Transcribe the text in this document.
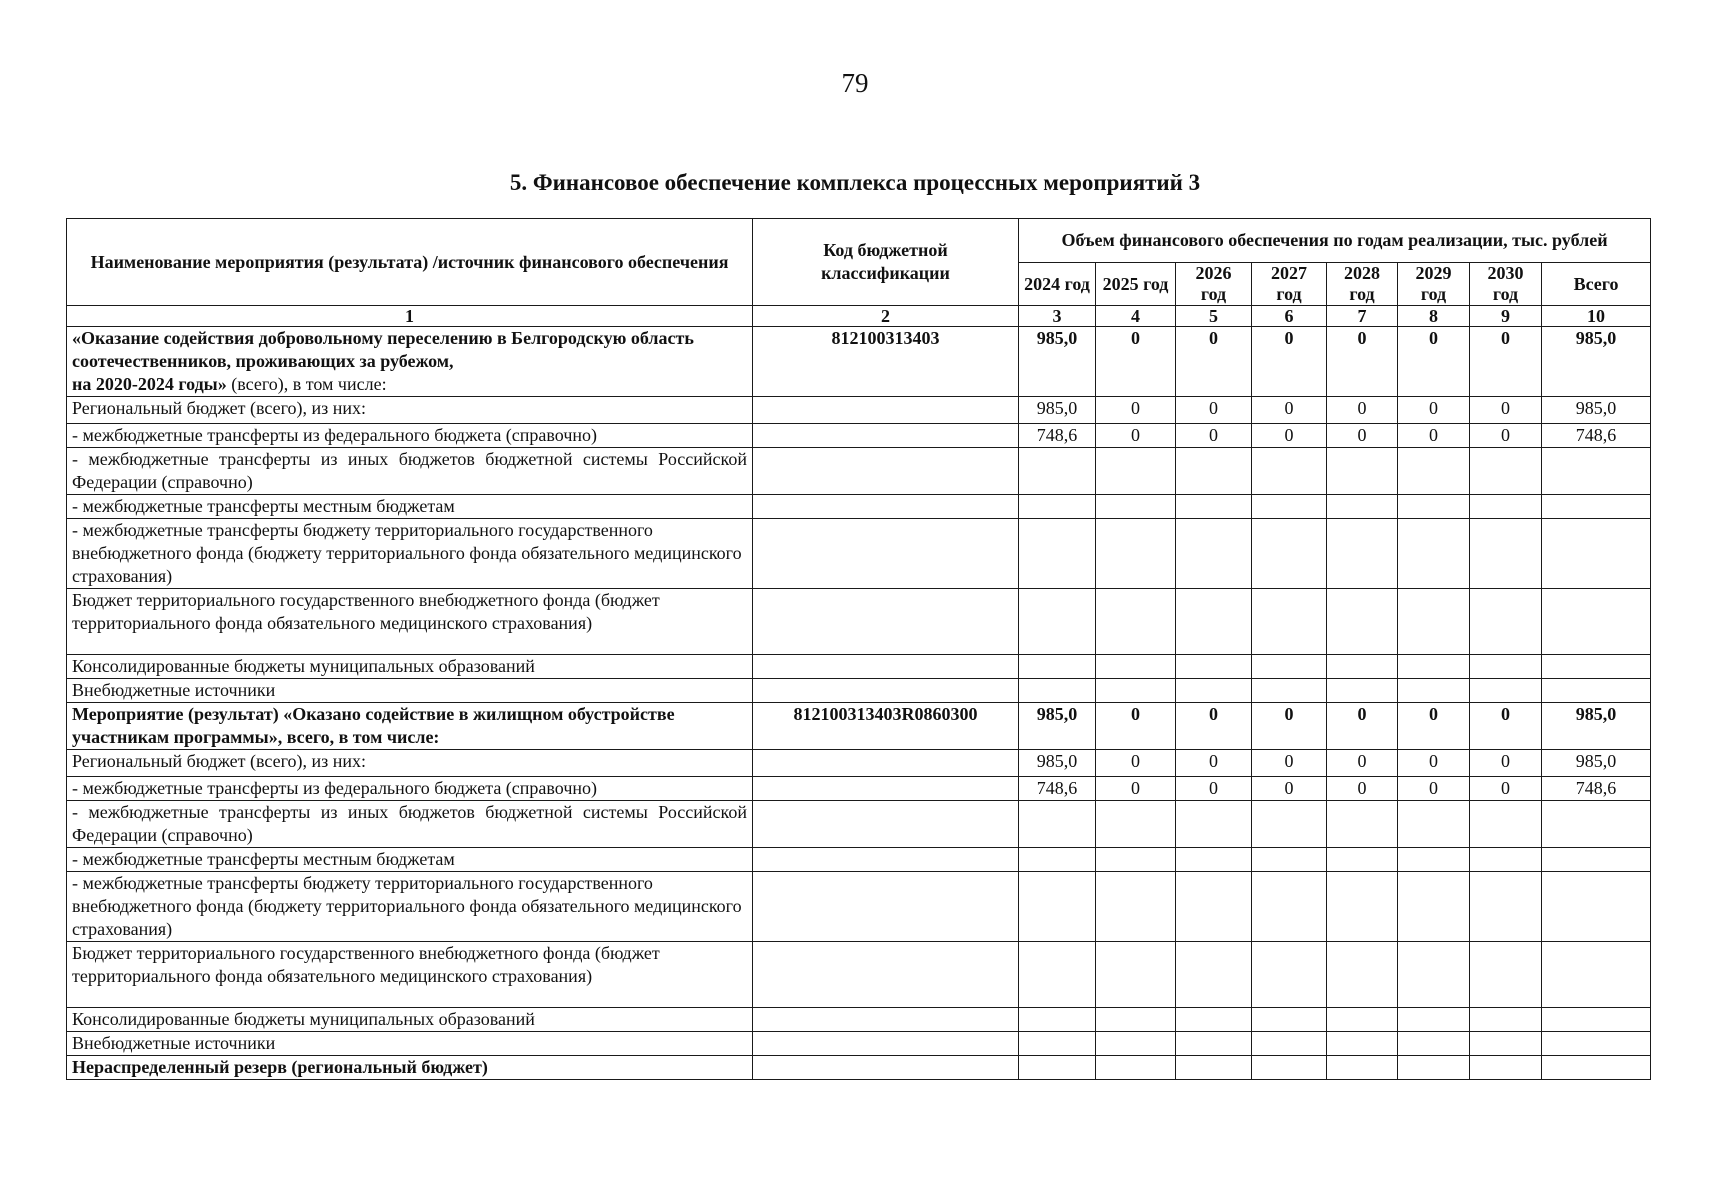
79
5. Финансовое обеспечение комплекса процессных мероприятий 3
Наименование мероприятия (результата) /источник финансового обеспечения	Код бюджетной классификации	Объем финансового обеспечения по годам реализации, тыс. рублей							
		2024 год	2025 год	2026 год	2027 год	2028 год	2029 год	2030 год	Всего
1	2	3	4	5	6	7	8	9	10
«Оказание содействия добровольному переселению в Белгородскую область соотечественников, проживающих за рубежом,
на 2020-2024 годы» (всего), в том числе:	812100313403	985,0	0	0	0	0	0	0	985,0
Региональный бюджет (всего), из них:		985,0	0	0	0	0	0	0	985,0
- межбюджетные трансферты из федерального бюджета (справочно)		748,6	0	0	0	0	0	0	748,6
- межбюджетные трансферты из иных бюджетов бюджетной системы Российской Федерации (справочно)									
- межбюджетные трансферты местным бюджетам									
- межбюджетные трансферты бюджету территориального государственного внебюджетного фонда (бюджету территориального фонда обязательного медицинского страхования)									
Бюджет территориального государственного внебюджетного фонда (бюджет территориального фонда обязательного медицинского страхования)									
Консолидированные бюджеты муниципальных образований									
Внебюджетные источники									
Мероприятие (результат) «Оказано содействие в жилищном обустройстве участникам программы», всего, в том числе:	812100313403R0860300	985,0	0	0	0	0	0	0	985,0
Региональный бюджет (всего), из них:		985,0	0	0	0	0	0	0	985,0
- межбюджетные трансферты из федерального бюджета (справочно)		748,6	0	0	0	0	0	0	748,6
- межбюджетные трансферты из иных бюджетов бюджетной системы Российской Федерации (справочно)									
- межбюджетные трансферты местным бюджетам									
- межбюджетные трансферты бюджету территориального государственного внебюджетного фонда (бюджету территориального фонда обязательного медицинского страхования)									
Бюджет территориального государственного внебюджетного фонда (бюджет территориального фонда обязательного медицинского страхования)									
Консолидированные бюджеты муниципальных образований									
Внебюджетные источники									
Нераспределенный резерв (региональный бюджет)									
